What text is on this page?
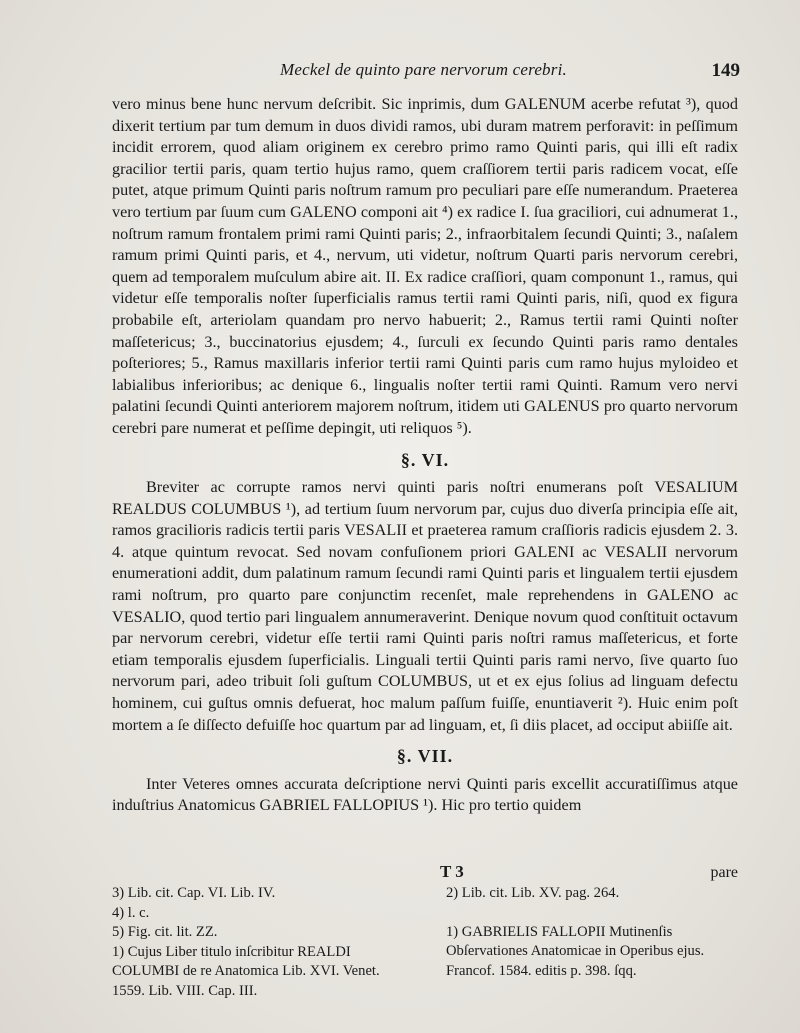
Meckel de quinto pare nervorum cerebri.	149

vero minus bene hunc nervum deſcribit. Sic inprimis, dum GALENUM acerbe refutat ³), quod dixerit tertium par tum demum in duos dividi ramos, ubi duram matrem perforavit: in peſſimum incidit errorem, quod aliam originem ex cerebro primo ramo Quinti paris, qui illi eſt radix gracilior tertii paris, quam tertio hujus ramo, quem craſſiorem tertii paris radicem vocat, eſſe putet, atque primum Quinti paris noſtrum ramum pro peculiari pare eſſe numerandum. Praeterea vero tertium par ſuum cum GALENO componi ait ⁴) ex radice I. ſua graciliori, cui adnumerat 1., noſtrum ramum frontalem primi rami Quinti paris; 2., infraorbitalem ſecundi Quinti; 3., naſalem ramum primi Quinti paris, et 4., nervum, uti videtur, noſtrum Quarti paris nervorum cerebri, quem ad temporalem muſculum abire ait. II. Ex radice craſſiori, quam componunt 1., ramus, qui videtur eſſe temporalis noſter ſuperficialis ramus tertii rami Quinti paris, niſi, quod ex figura probabile eſt, arteriolam quandam pro nervo habuerit; 2., Ramus tertii rami Quinti noſter maſſetericus; 3., buccinatorius ejusdem; 4., ſurculi ex ſecundo Quinti paris ramo dentales poſteriores; 5., Ramus maxillaris inferior tertii rami Quinti paris cum ramo hujus myloideo et labialibus inferioribus; ac denique 6., lingualis noſter tertii rami Quinti. Ramum vero nervi palatini ſecundi Quinti anteriorem majorem noſtrum, itidem uti GALENUS pro quarto nervorum cerebri pare numerat et peſſime depingit, uti reliquos ⁵).

§. VI.

Breviter ac corrupte ramos nervi quinti paris noſtri enumerans poſt VESALIUM REALDUS COLUMBUS ¹), ad tertium ſuum nervorum par, cujus duo diverſa principia eſſe ait, ramos gracilioris radicis tertii paris VESALII et praeterea ramum craſſioris radicis ejusdem 2. 3. 4. atque quintum revocat. Sed novam confuſionem priori GALENI ac VESALII nervorum enumerationi addit, dum palatinum ramum ſecundi rami Quinti paris et lingualem tertii ejusdem rami noſtrum, pro quarto pare conjunctim recenſet, male reprehendens in GALENO ac VESALIO, quod tertio pari lingualem annumeraverint. Denique novum quod conſtituit octavum par nervorum cerebri, videtur eſſe tertii rami Quinti paris noſtri ramus maſſetericus, et forte etiam temporalis ejusdem ſuperficialis. Linguali tertii Quinti paris rami nervo, ſive quarto ſuo nervorum pari, adeo tribuit ſoli guſtum COLUMBUS, ut et ex ejus ſolius ad linguam defectu hominem, cui guſtus omnis defuerat, hoc malum paſſum fuiſſe, enuntiaverit ²). Huic enim poſt mortem a ſe diſſecto defuiſſe hoc quartum par ad linguam, et, ſi diis placet, ad occiput abiiſſe ait.

§. VII.

Inter Veteres omnes accurata deſcriptione nervi Quinti paris excellit accuratiſſimus atque induſtrius Anatomicus GABRIEL FALLOPIUS ¹). Hic pro tertio quidem

T 3	pare
3) Lib. cit. Cap. VI. Lib. IV.
4) l. c.
5) Fig. cit. lit. ZZ.
1) Cujus Liber titulo inſcribitur REALDI COLUMBI de re Anatomica Lib. XVI. Venet. 1559. Lib. VIII. Cap. III.
2) Lib. cit. Lib. XV. pag. 264.
1) GABRIELIS FALLOPII Mutinenſis Obſervationes Anatomicae in Operibus ejus. Francof. 1584. editis p. 398. ſqq.
